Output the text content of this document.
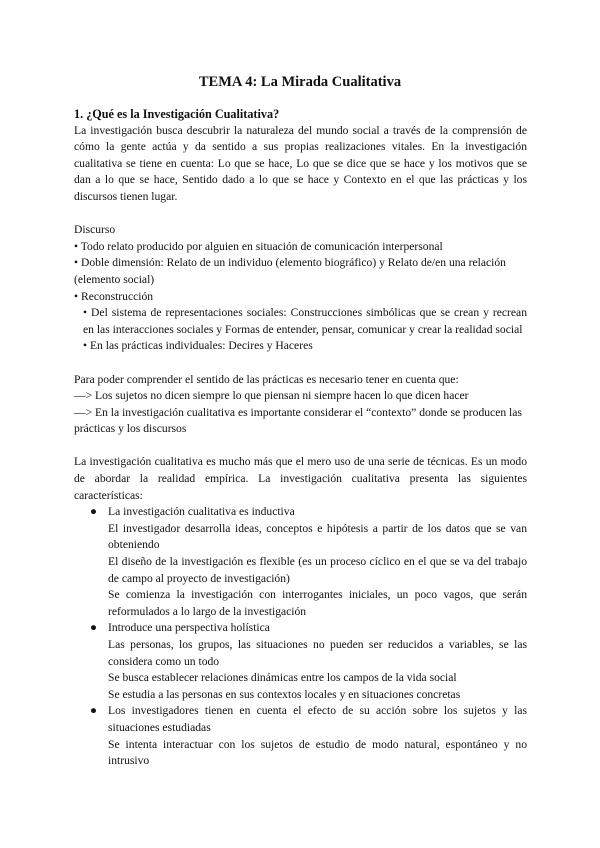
TEMA 4: La Mirada Cualitativa

1. ¿Qué es la Investigación Cualitativa?

La investigación busca descubrir la naturaleza del mundo social a través de la comprensión de cómo la gente actúa y da sentido a sus propias realizaciones vitales. En la investigación cualitativa se tiene en cuenta: Lo que se hace, Lo que se dice que se hace y los motivos que se dan a lo que se hace, Sentido dado a lo que se hace y Contexto en el que las prácticas y los discursos tienen lugar.

Discurso

• Todo relato producido por alguien en situación de comunicación interpersonal

• Doble dimensión: Relato de un individuo (elemento biográfico) y Relato de/en una relación (elemento social)

• Reconstrucción

• Del sistema de representaciones sociales: Construcciones simbólicas que se crean y recrean en las interacciones sociales y Formas de entender, pensar, comunicar y crear la realidad social

• En las prácticas individuales: Decires y Haceres

Para poder comprender el sentido de las prácticas es necesario tener en cuenta que:

—> Los sujetos no dicen siempre lo que piensan ni siempre hacen lo que dicen hacer

—> En la investigación cualitativa es importante considerar el “contexto” donde se producen las prácticas y los discursos

La investigación cualitativa es mucho más que el mero uso de una serie de técnicas. Es un modo de abordar la realidad empírica. La investigación cualitativa presenta las siguientes características:

● La investigación cualitativa es inductiva

El investigador desarrolla ideas, conceptos e hipótesis a partir de los datos que se van obteniendo

El diseño de la investigación es flexible (es un proceso cíclico en el que se va del trabajo de campo al proyecto de investigación)

Se comienza la investigación con interrogantes iniciales, un poco vagos, que serán reformulados a lo largo de la investigación

● Introduce una perspectiva holística

Las personas, los grupos, las situaciones no pueden ser reducidos a variables, se las considera como un todo

Se busca establecer relaciones dinámicas entre los campos de la vida social

Se estudia a las personas en sus contextos locales y en situaciones concretas

● Los investigadores tienen en cuenta el efecto de su acción sobre los sujetos y las situaciones estudiadas

Se intenta interactuar con los sujetos de estudio de modo natural, espontáneo y no intrusivo
